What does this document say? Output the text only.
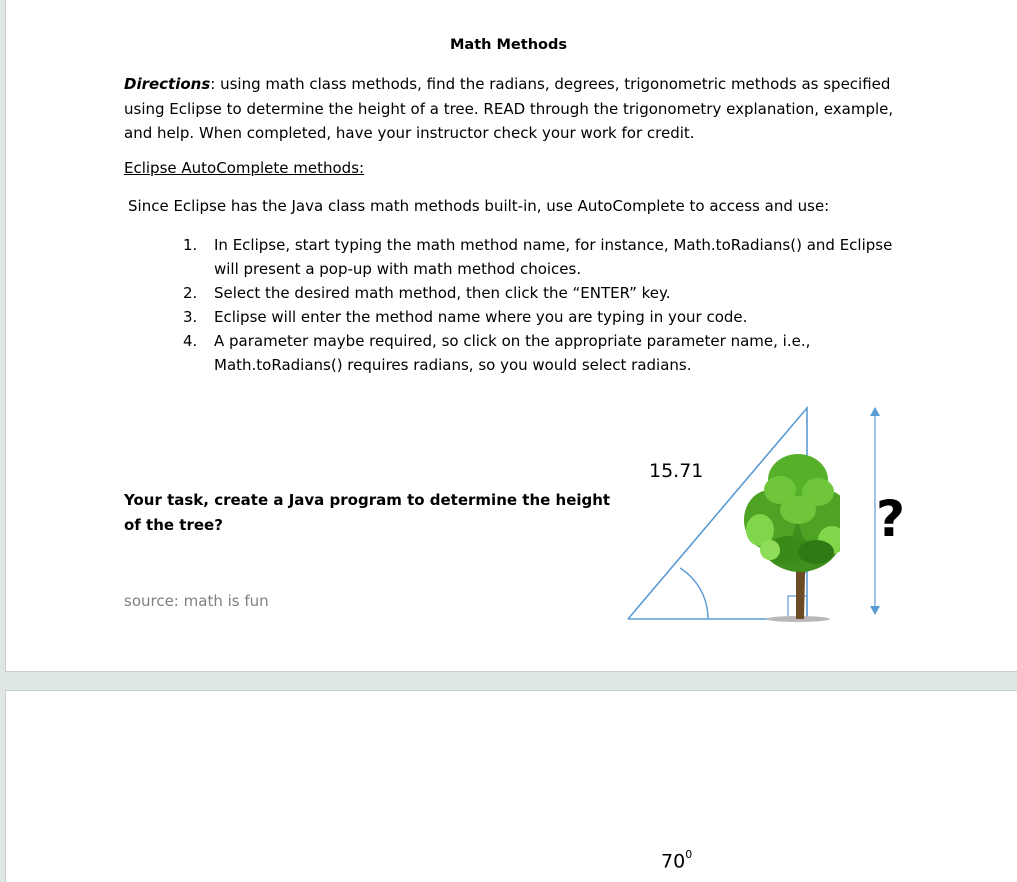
Math Methods
Directions: using math class methods, find the radians, degrees, trigonometric methods as specified using Eclipse to determine the height of a tree. READ through the trigonometry explanation, example, and help. When completed, have your instructor check your work for credit.
Eclipse AutoComplete methods:
Since Eclipse has the Java class math methods built-in, use AutoComplete to access and use:
1.	In Eclipse, start typing the math method name, for instance, Math.toRadians() and Eclipse will present a pop-up with math method choices.
2.	Select the desired math method, then click the “ENTER” key.
3.	Eclipse will enter the method name where you are typing in your code.
4.	A parameter maybe required, so click on the appropriate parameter name, i.e., Math.toRadians() requires radians, so you would select radians.
Your task, create a Java program to determine the height of the tree?
source: math is fun
15.71
?
$70^0$
